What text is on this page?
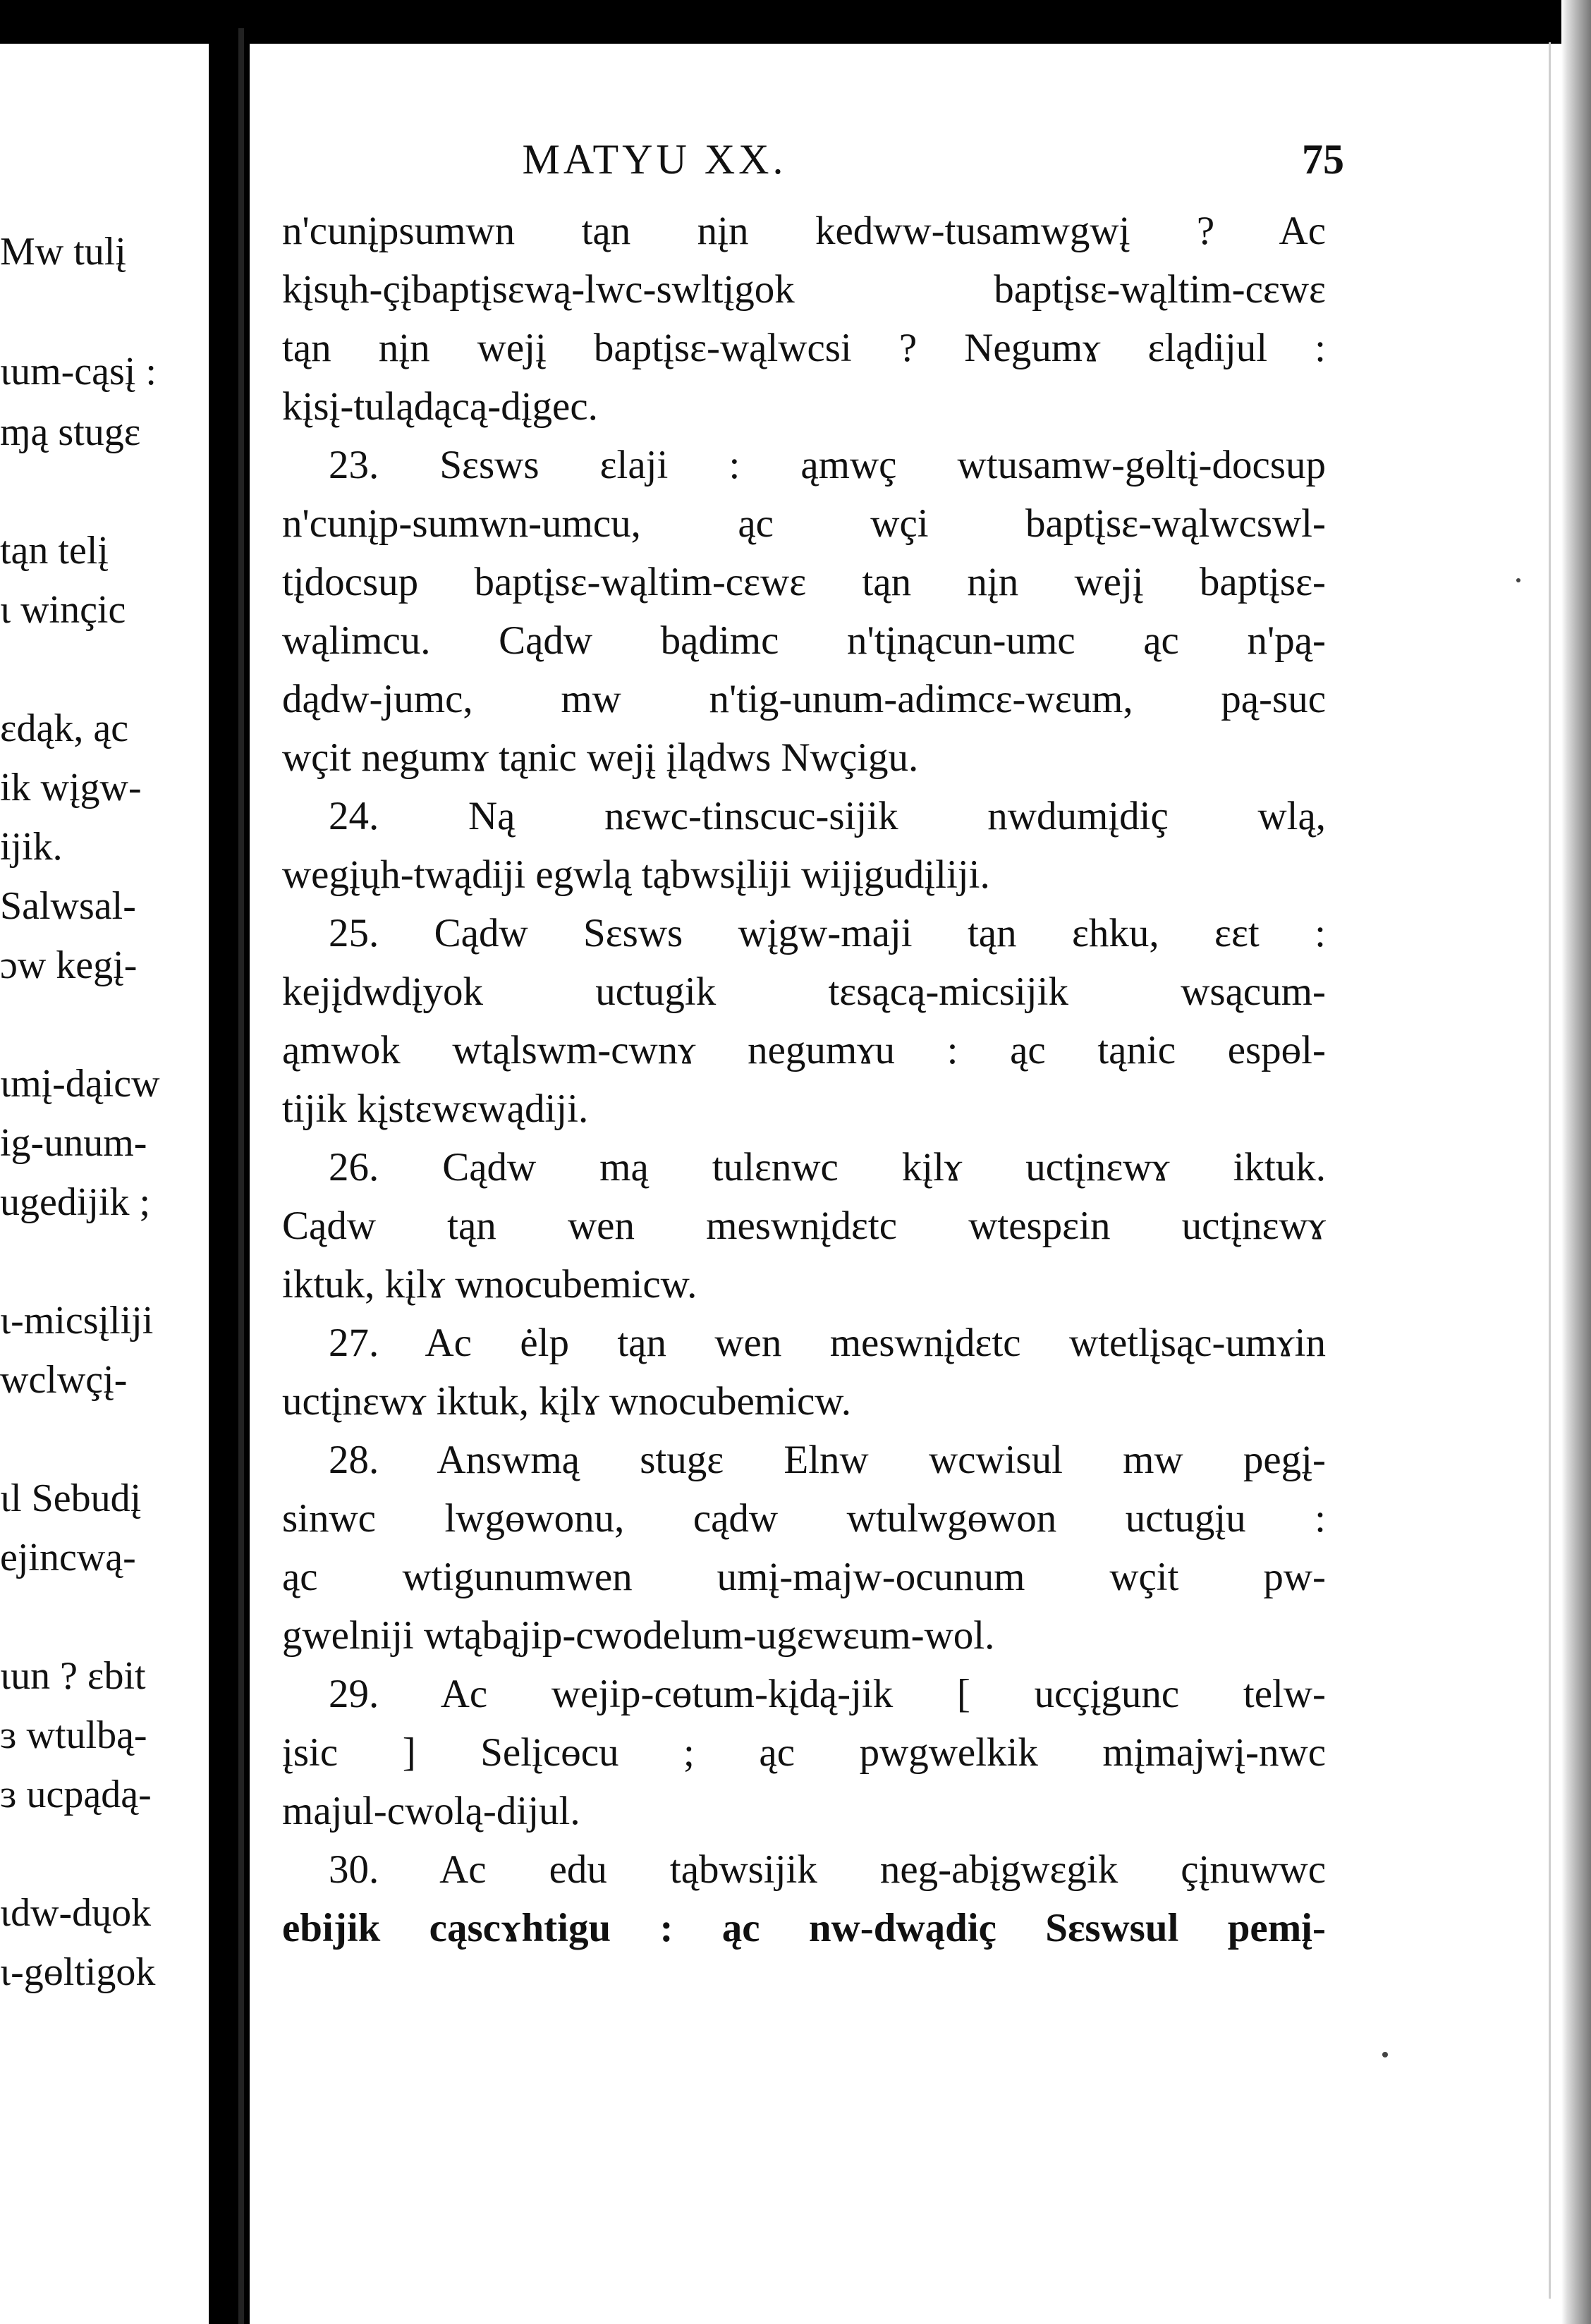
Mw tulį
ɩum-cąsį :
ɱą stugɛ
tąn telį
ɩ winçic
ɛdąk, ąc
ik wįgw-
ijik.
Salwsal-
ɔw kegį-
ɩmį-dąicw
ig-unum-
ugedijik ;
ɩ-micsįliji
wclwçį-
ɩl Sebudį
ejincwą-
ɩun ? ɛbit
ɜ wtulbą-
ɜ ucpądą-
ɩdw-dųok
ɩ-gɵltigok
MATYU XX.	75
n'cunįpsumwn tąn nįn kedww-tusamwgwį ? Ac
kįsųh-çįbaptįsɛwą-lwc-swltįgok baptįsɛ-wąltim-cɛwɛ
tąn nįn wejį baptįsɛ-wąlwcsi ? Negumɤ ɛlądijul :
kįsį-tulądącą-dįgec.
23. Sɛsws ɛlaji : ąmwç wtusamw-gɵltį-docsup
n'cunįp-sumwn-umcu, ąc wçi baptįsɛ-wąlwcswl-
tįdocsup baptįsɛ-wąltim-cɛwɛ tąn nįn wejį baptįsɛ-
wąlimcu. Cądw bądimc n'tįnącun-umc ąc n'pą-
dądw-jumc, mw n'tig-unum-adimcɛ-wɛum, pą-suc
wçit negumɤ tąnic wejį įlądws Nwçigu.
24. Ną nɛwc-tinscuc-sijik nwdumįdiç wlą,
wegįųh-twądiji egwlą tąbwsįliji wijįgudįliji.
25. Cądw Sɛsws wįgw-maji tąn ɛhku, ɛɛt :
kejįdwdįyok uctugik tɛsącą-micsijik wsącum-
ąmwok wtąlswm-cwnɤ negumɤu : ąc tąnic espɵl-
tijik kįstɛwɛwądiji.
26. Cądw mą tulɛnwc kįlɤ uctįnɛwɤ iktuk.
Cądw tąn wen meswnįdɛtc wtespɛin uctįnɛwɤ
iktuk, kįlɤ wnocubemicw.
27. Ac ėlp tąn wen meswnįdɛtc wtetlįsąc-umɤin
uctįnɛwɤ iktuk, kįlɤ wnocubemicw.
28. Answmą stugɛ Elnw wcwisul mw pegį-
sinwc lwgɵwonu, cądw wtulwgɵwon uctugįu :
ąc wtigunumwen umį-majw-ocunum wçit pw-
gwelniji wtąbąjip-cwodelum-ugɛwɛum-wol.
29. Ac wejip-cɵtum-kįdą-jik [ ucçįgunc telw-
įsic ] Selįcɵcu ; ąc pwgwelkik mįmajwį-nwc
majul-cwolą-dijul.
30. Ac edu tąbwsijik neg-abįgwɛgik çįnuwwc
ebijik cąscɤhtigu : ąc nw-dwądiç Sɛswsul pemį-
